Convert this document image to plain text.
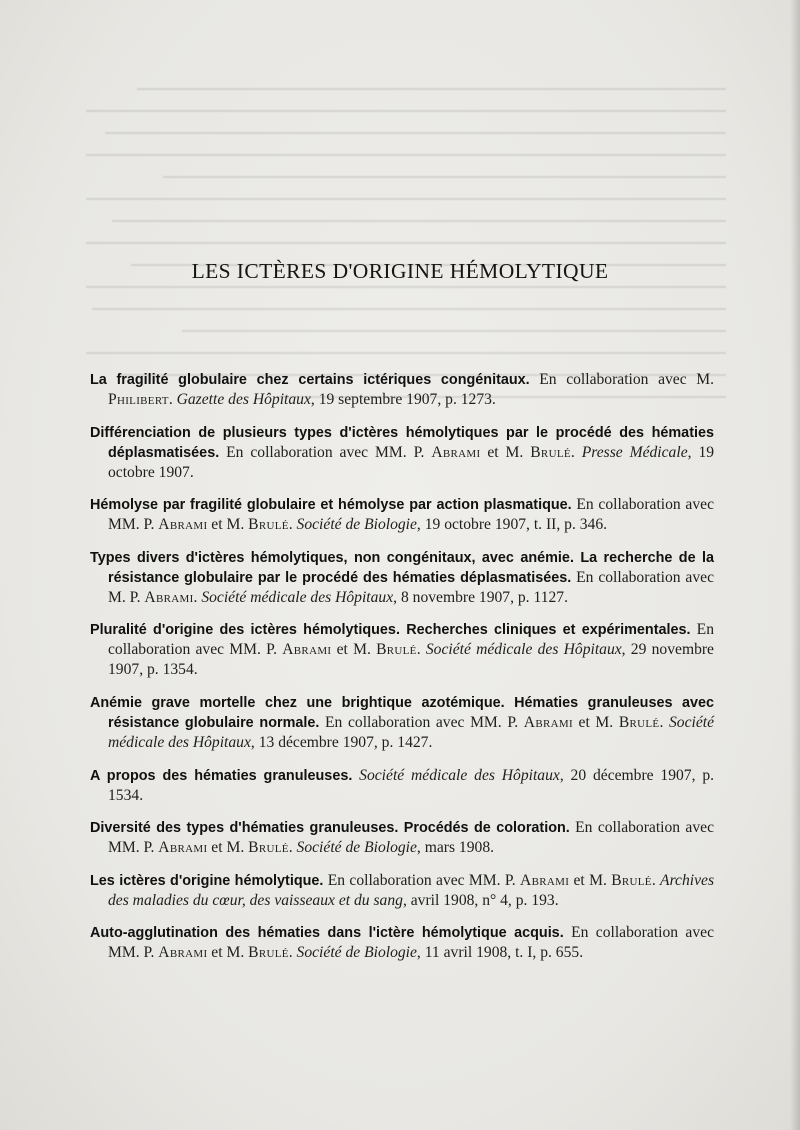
LES ICTÈRES D'ORIGINE HÉMOLYTIQUE

La fragilité globulaire chez certains ictériques congénitaux. En collaboration avec M. Philibert. Gazette des Hôpitaux, 19 septembre 1907, p. 1273.

Différenciation de plusieurs types d'ictères hémolytiques par le procédé des hématies déplasmatisées. En collaboration avec MM. P. Abrami et M. Brulé. Presse Médicale, 19 octobre 1907.

Hémolyse par fragilité globulaire et hémolyse par action plasmatique. En collaboration avec MM. P. Abrami et M. Brulé. Société de Biologie, 19 octobre 1907, t. II, p. 346.

Types divers d'ictères hémolytiques, non congénitaux, avec anémie. La recherche de la résistance globulaire par le procédé des hématies déplasmatisées. En collaboration avec M. P. Abrami. Société médicale des Hôpitaux, 8 novembre 1907, p. 1127.

Pluralité d'origine des ictères hémolytiques. Recherches cliniques et expérimentales. En collaboration avec MM. P. Abrami et M. Brulé. Société médicale des Hôpitaux, 29 novembre 1907, p. 1354.

Anémie grave mortelle chez une brightique azotémique. Hématies granuleuses avec résistance globulaire normale. En collaboration avec MM. P. Abrami et M. Brulé. Société médicale des Hôpitaux, 13 décembre 1907, p. 1427.

A propos des hématies granuleuses. Société médicale des Hôpitaux, 20 décembre 1907, p. 1534.

Diversité des types d'hématies granuleuses. Procédés de coloration. En collaboration avec MM. P. Abrami et M. Brulé. Société de Biologie, mars 1908.

Les ictères d'origine hémolytique. En collaboration avec MM. P. Abrami et M. Brulé. Archives des maladies du cœur, des vaisseaux et du sang, avril 1908, n° 4, p. 193.

Auto-agglutination des hématies dans l'ictère hémolytique acquis. En collaboration avec MM. P. Abrami et M. Brulé. Société de Biologie, 11 avril 1908, t. I, p. 655.
